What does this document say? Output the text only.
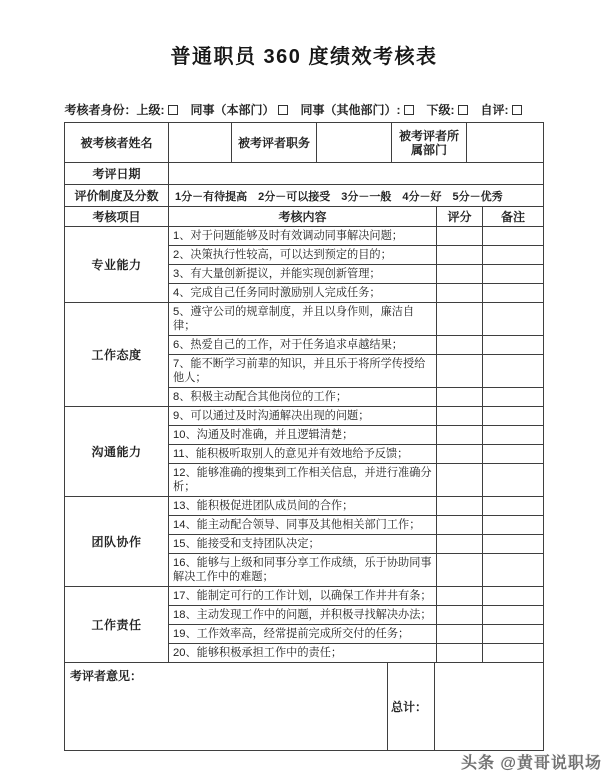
普通职员 360 度绩效考核表
考核者身份：上级: 同事（本部门） 同事（其他部门）: 下级: 自评:
被考核者姓名		被考评者职务		被考评者所属部门	
考评日期					
评价制度及分数	1分－有待提高　2分－可以接受　3分－一般　4分－好　5分－优秀				
考核项目	考核内容	评分	备注
专业能力	1、对于问题能够及时有效调动同事解决问题；		
	2、决策执行性较高，可以达到预定的目的；		
	3、有大量创新提议，并能实现创新管理；		
	4、完成自己任务同时激励别人完成任务；		
工作态度	5、遵守公司的规章制度，并且以身作则，廉洁自律；		
	6、热爱自己的工作，对于任务追求卓越结果；		
	7、能不断学习前辈的知识，并且乐于将所学传授给他人；		
	8、积极主动配合其他岗位的工作；		
沟通能力	9、可以通过及时沟通解决出现的问题；		
	10、沟通及时准确，并且逻辑清楚；		
	11、能积极听取别人的意见并有效地给予反馈；		
	12、能够准确的搜集到工作相关信息，并进行准确分析；		
团队协作	13、能积极促进团队成员间的合作；		
	14、能主动配合领导、同事及其他相关部门工作；		
	15、能接受和支持团队决定；		
	16、能够与上级和同事分享工作成绩，乐于协助同事解决工作中的难题；		
工作责任	17、能制定可行的工作计划，以确保工作井井有条；		
	18、主动发现工作中的问题，并积极寻找解决办法；		
	19、工作效率高，经常提前完成所交付的任务；		
	20、能够积极承担工作中的责任；		
考评者意见：	总计：	
头条 @黄哥说职场
